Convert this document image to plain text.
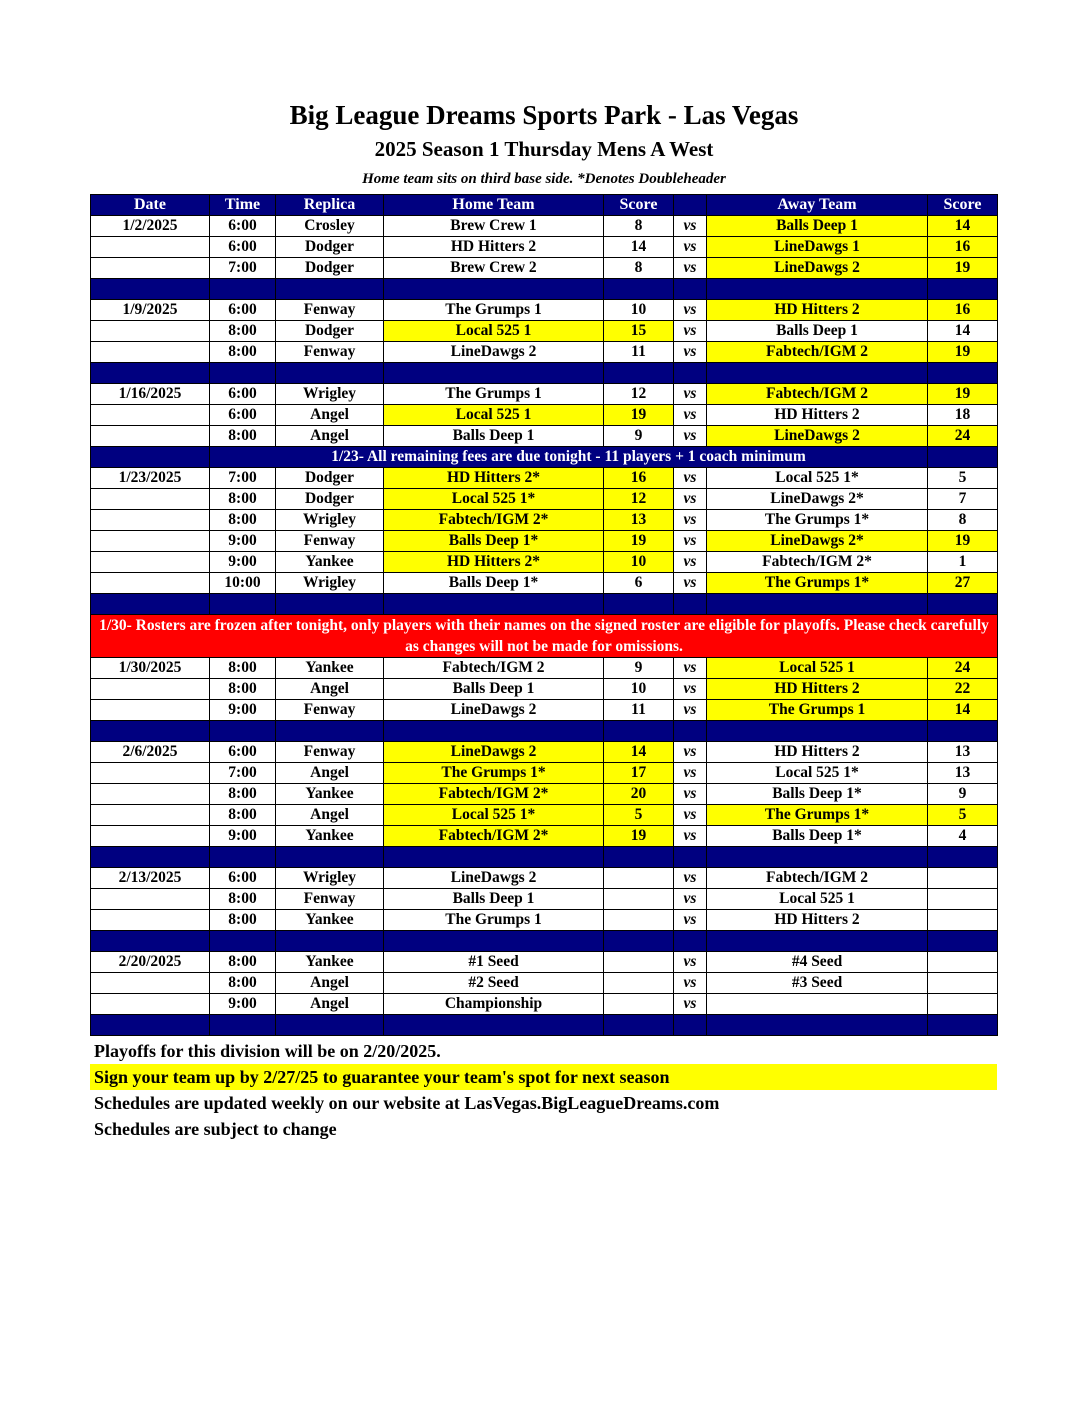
Big League Dreams Sports Park - Las Vegas
2025 Season 1 Thursday Mens A West
Home team sits on third base side. *Denotes Doubleheader
Date	Time	Replica	Home Team	Score		Away Team	Score
1/2/2025	6:00	Crosley	Brew Crew 1	8	vs	Balls Deep 1	14
	6:00	Dodger	HD Hitters 2	14	vs	LineDawgs 1	16
	7:00	Dodger	Brew Crew 2	8	vs	LineDawgs 2	19

1/9/2025	6:00	Fenway	The Grumps 1	10	vs	HD Hitters 2	16
	8:00	Dodger	Local 525 1	15	vs	Balls Deep 1	14
	8:00	Fenway	LineDawgs 2	11	vs	Fabtech/IGM 2	19

1/16/2025	6:00	Wrigley	The Grumps 1	12	vs	Fabtech/IGM 2	19
	6:00	Angel	Local 525 1	19	vs	HD Hitters 2	18
	8:00	Angel	Balls Deep 1	9	vs	LineDawgs 2	24
	1/23- All remaining fees are due tonight - 11 players + 1 coach minimum						
1/23/2025	7:00	Dodger	HD Hitters 2*	16	vs	Local 525 1*	5
	8:00	Dodger	Local 525 1*	12	vs	LineDawgs 2*	7
	8:00	Wrigley	Fabtech/IGM 2*	13	vs	The Grumps 1*	8
	9:00	Fenway	Balls Deep 1*	19	vs	LineDawgs 2*	19
	9:00	Yankee	HD Hitters 2*	10	vs	Fabtech/IGM 2*	1
	10:00	Wrigley	Balls Deep 1*	6	vs	The Grumps 1*	27

1/30- Rosters are frozen after tonight, only players with their names on the signed roster are eligible for playoffs. Please check carefully as changes will not be made for omissions.							
1/30/2025	8:00	Yankee	Fabtech/IGM 2	9	vs	Local 525 1	24
	8:00	Angel	Balls Deep 1	10	vs	HD Hitters 2	22
	9:00	Fenway	LineDawgs 2	11	vs	The Grumps 1	14

2/6/2025	6:00	Fenway	LineDawgs 2	14	vs	HD Hitters 2	13
	7:00	Angel	The Grumps 1*	17	vs	Local 525 1*	13
	8:00	Yankee	Fabtech/IGM 2*	20	vs	Balls Deep 1*	9
	8:00	Angel	Local 525 1*	5	vs	The Grumps 1*	5
	9:00	Yankee	Fabtech/IGM 2*	19	vs	Balls Deep 1*	4

2/13/2025	6:00	Wrigley	LineDawgs 2		vs	Fabtech/IGM 2	
	8:00	Fenway	Balls Deep 1		vs	Local 525 1	
	8:00	Yankee	The Grumps 1		vs	HD Hitters 2	

2/20/2025	8:00	Yankee	#1 Seed		vs	#4 Seed	
	8:00	Angel	#2 Seed		vs	#3 Seed	
	9:00	Angel	Championship		vs		

Playoffs for this division will be on 2/20/2025.
Sign your team up by 2/27/25 to guarantee your team's spot for next season
Schedules are updated weekly on our website at LasVegas.BigLeagueDreams.com
Schedules are subject to change
